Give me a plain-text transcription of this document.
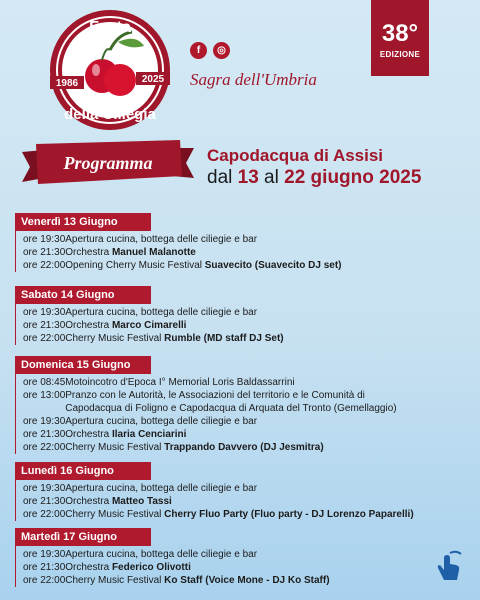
Festa
della Ciliegia
1986	2025
38°
EDIZIONE
f	◎
Sagra dell'Umbria
Programma	Capodacqua di Assisi
dal 13 al 22 giugno 2025
Venerdì 13 Giugno
ore 19:30 Apertura cucina, bottega delle ciliegie e bar
ore 21:30 Orchestra Manuel Malanotte
ore 22:00 Opening Cherry Music Festival Suavecito (Suavecito DJ set)
Sabato 14 Giugno
ore 19:30 Apertura cucina, bottega delle ciliegie e bar
ore 21:30 Orchestra Marco Cimarelli
ore 22:00 Cherry Music Festival Rumble (MD staff DJ Set)
Domenica 15 Giugno
ore 08:45 Motoincotro d'Epoca I° Memorial Loris Baldassarrini
ore 13:00 Pranzo con le Autorità, le Associazioni del territorio e le Comunità di Capodacqua di Foligno e Capodacqua di Arquata del Tronto (Gemellaggio)
ore 19:30 Apertura cucina, bottega delle ciliegie e bar
ore 21:30 Orchestra Ilaria Cenciarini
ore 22:00 Cherry Music Festival Trappando Davvero (DJ Jesmitra)
Lunedì 16 Giugno
ore 19:30 Apertura cucina, bottega delle ciliegie e bar
ore 21:30 Orchestra Matteo Tassi
ore 22:00 Cherry Music Festival Cherry Fluo Party (Fluo party - DJ Lorenzo Paparelli)
Martedì 17 Giugno
ore 19:30 Apertura cucina, bottega delle ciliegie e bar
ore 21:30 Orchestra Federico Olivotti
ore 22:00 Cherry Music Festival Ko Staff (Voice Mone - DJ Ko Staff)
